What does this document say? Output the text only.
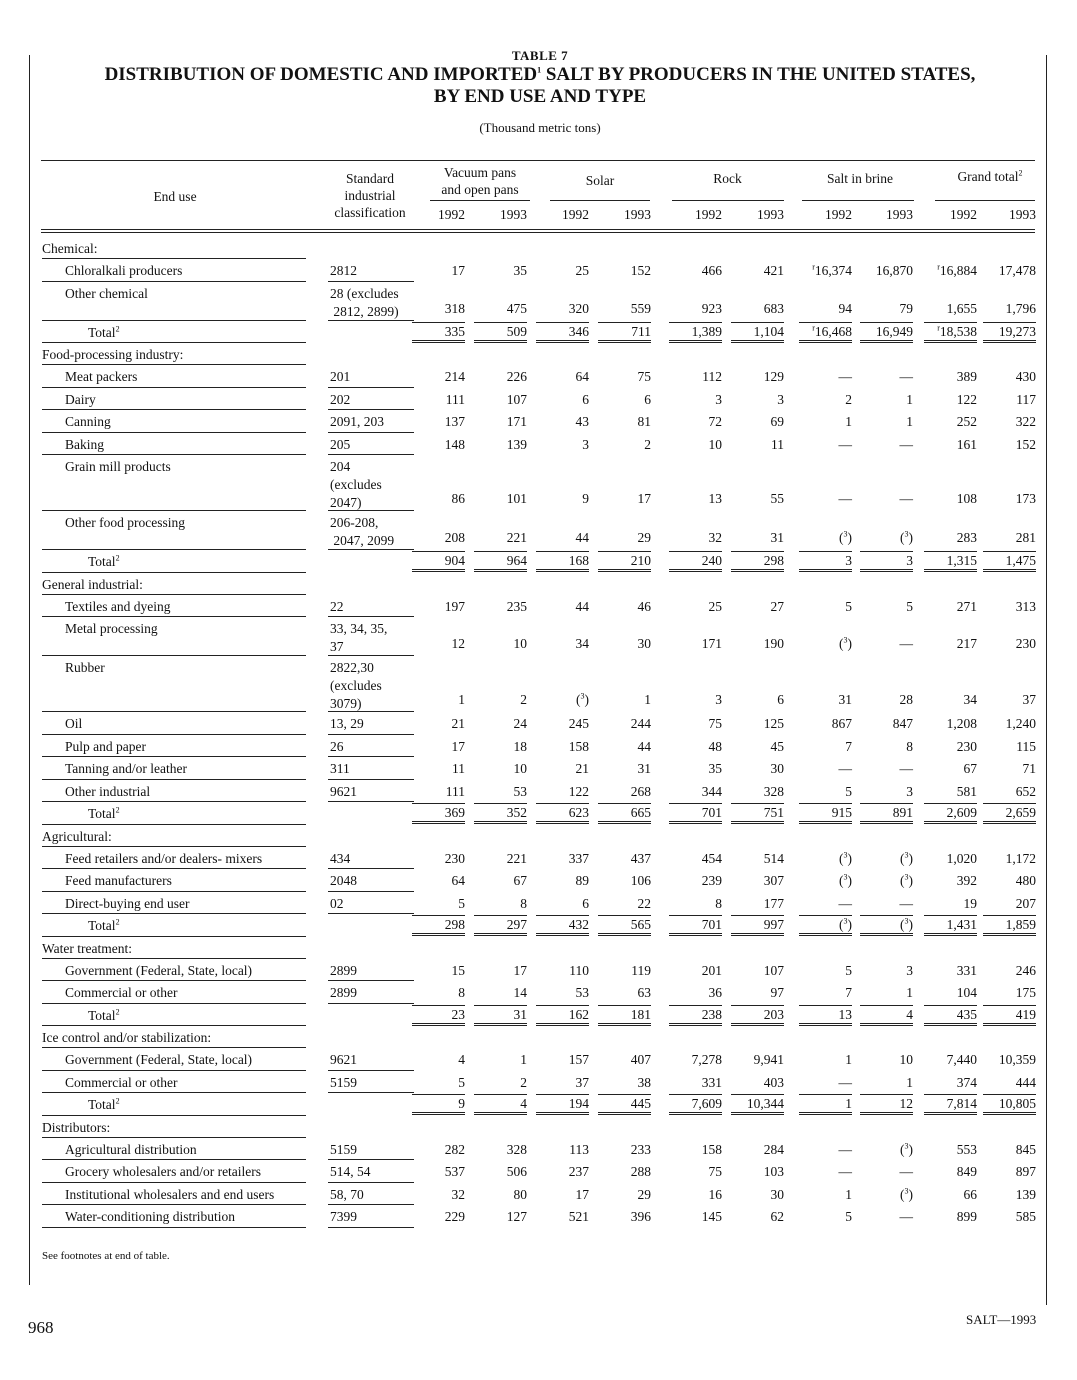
TABLE 7
DISTRIBUTION OF DOMESTIC AND IMPORTED$^1$ SALT BY PRODUCERS IN THE UNITED STATES,
BY END USE AND TYPE
(Thousand metric tons)
End use
Standard
industrial
classification
Vacuum pans
and open pans
Solar	Rock	Salt in brine	Grand total$^2$
1992	1993	1992	1993	1992	1993	1992	1993	1992	1993
Chemical:
Chloralkali producers	2812	17	35	25	152	466	421	$^r$16,374	16,870	$^r$16,884	17,478
Other chemical	28 (excludes
2812, 2899)	318	475	320	559	923	683	94	79	1,655	1,796
Total$^2$	335	509	346	711	1,389	1,104	$^r$16,468	16,949	$^r$18,538	19,273
Food-processing industry:
Meat packers	201	214	226	64	75	112	129	—	—	389	430
Dairy	202	111	107	6	6	3	3	2	1	122	117
Canning	2091, 203	137	171	43	81	72	69	1	1	252	322
Baking	205	148	139	3	2	10	11	—	—	161	152
Grain mill products	204
(excludes
2047)	86	101	9	17	13	55	—	—	108	173
Other food processing	206-208,
2047, 2099	208	221	44	29	32	31	($^3$)	($^3$)	283	281
Total$^2$	904	964	168	210	240	298	3	3	1,315	1,475
General industrial:
Textiles and dyeing	22	197	235	44	46	25	27	5	5	271	313
Metal processing	33, 34, 35,
37	12	10	34	30	171	190	($^3$)	—	217	230
Rubber	2822,30
(excludes
3079)	1	2	($^3$)	1	3	6	31	28	34	37
Oil	13, 29	21	24	245	244	75	125	867	847	1,208	1,240
Pulp and paper	26	17	18	158	44	48	45	7	8	230	115
Tanning and/or leather	311	11	10	21	31	35	30	—	—	67	71
Other industrial	9621	111	53	122	268	344	328	5	3	581	652
Total$^2$	369	352	623	665	701	751	915	891	2,609	2,659
Agricultural:
Feed retailers and/or dealers- mixers	434	230	221	337	437	454	514	($^3$)	($^3$)	1,020	1,172
Feed manufacturers	2048	64	67	89	106	239	307	($^3$)	($^3$)	392	480
Direct-buying end user	02	5	8	6	22	8	177	—	—	19	207
Total$^2$	298	297	432	565	701	997	($^3$)	($^3$)	1,431	1,859
Water treatment:
Government (Federal, State, local)	2899	15	17	110	119	201	107	5	3	331	246
Commercial or other	2899	8	14	53	63	36	97	7	1	104	175
Total$^2$	23	31	162	181	238	203	13	4	435	419
Ice control and/or stabilization:
Government (Federal, State, local)	9621	4	1	157	407	7,278	9,941	1	10	7,440	10,359
Commercial or other	5159	5	2	37	38	331	403	—	1	374	444
Total$^2$	9	4	194	445	7,609	10,344	1	12	7,814	10,805
Distributors:
Agricultural distribution	5159	282	328	113	233	158	284	—	($^3$)	553	845
Grocery wholesalers and/or retailers	514, 54	537	506	237	288	75	103	—	—	849	897
Institutional wholesalers and end users	58, 70	32	80	17	29	16	30	1	($^3$)	66	139
Water-conditioning distribution	7399	229	127	521	396	145	62	5	—	899	585
See footnotes at end of table.
968	SALT—1993
